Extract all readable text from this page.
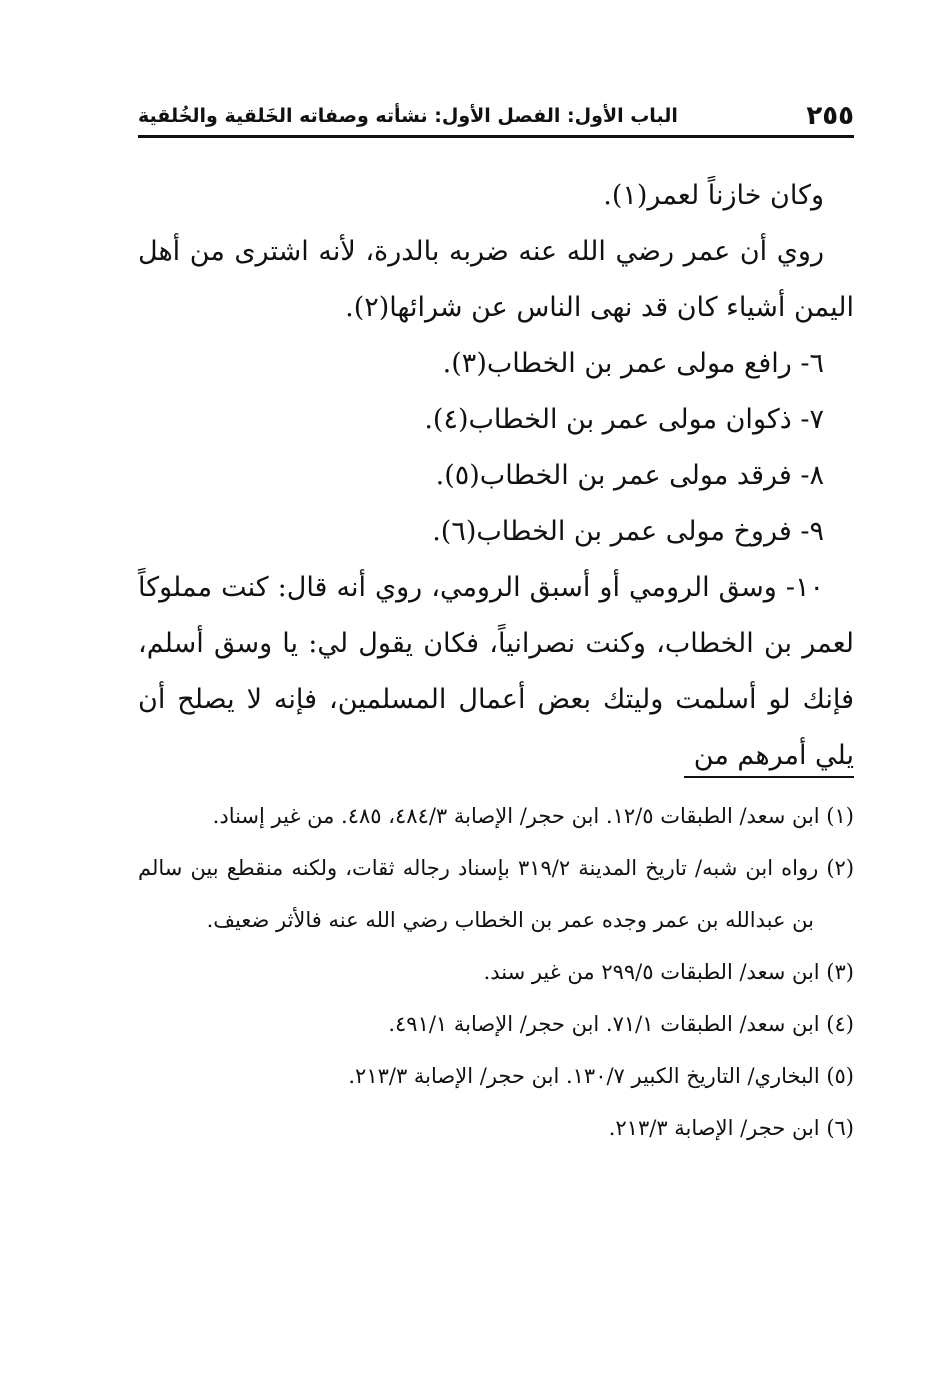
٢٥٥
الباب الأول: الفصل الأول: نشأته وصفاته الخَلقية والخُلقية

وكان خازناً لعمر(١).

روي أن عمر رضي الله عنه ضربه بالدرة، لأنه اشترى من أهل اليمن أشياء كان قد نهى الناس عن شرائها(٢).

٦- رافع مولى عمر بن الخطاب(٣).

٧- ذكوان مولى عمر بن الخطاب(٤).

٨- فرقد مولى عمر بن الخطاب(٥).

٩- فروخ مولى عمر بن الخطاب(٦).

١٠- وسق الرومي أو أسبق الرومي، روي أنه قال: كنت مملوكاً لعمر بن الخطاب، وكنت نصرانياً، فكان يقول لي: يا وسق أسلم، فإنك لو أسلمت وليتك بعض أعمال المسلمين، فإنه لا يصلح أن يلي أمرهم من

(١) ابن سعد/ الطبقات ١٢/٥. ابن حجر/ الإصابة ٤٨٤/٣، ٤٨٥. من غير إسناد.

(٢) رواه ابن شبه/ تاريخ المدينة ٣١٩/٢ بإسناد رجاله ثقات، ولكنه منقطع بين سالم بن عبدالله بن عمر وجده عمر بن الخطاب رضي الله عنه فالأثر ضعيف.

(٣) ابن سعد/ الطبقات ٢٩٩/٥ من غير سند.

(٤) ابن سعد/ الطبقات ٧١/١. ابن حجر/ الإصابة ٤٩١/١.

(٥) البخاري/ التاريخ الكبير ١٣٠/٧. ابن حجر/ الإصابة ٢١٣/٣.

(٦) ابن حجر/ الإصابة ٢١٣/٣.
